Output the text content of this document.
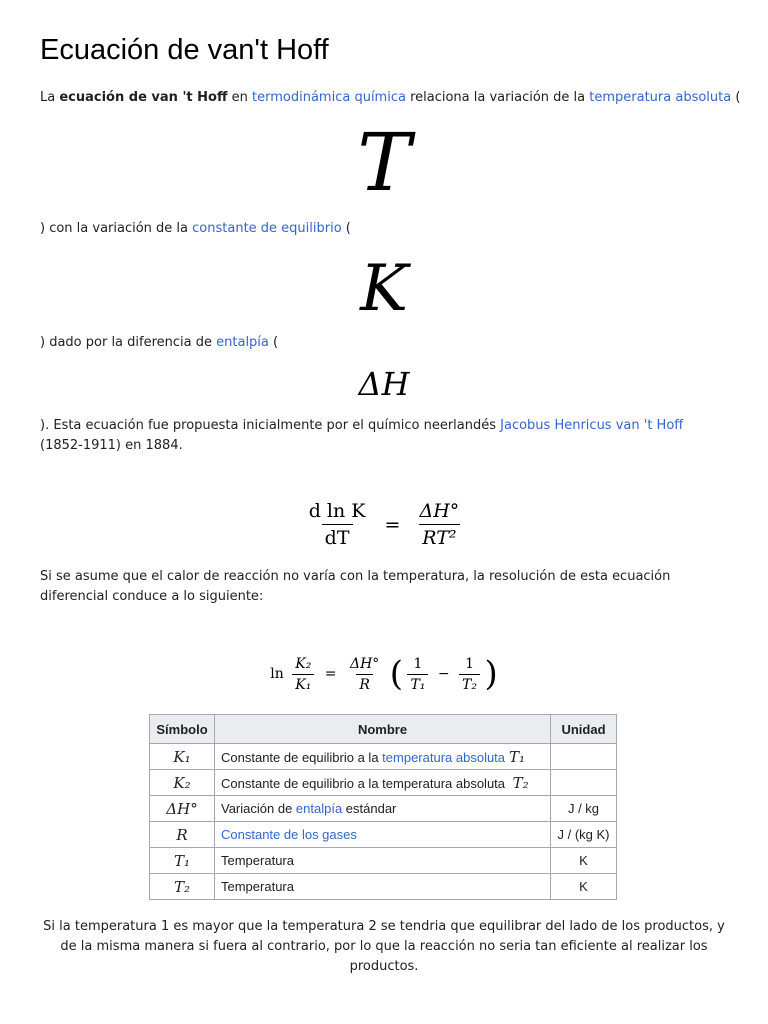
Ecuación de van't Hoff
La ecuación de van 't Hoff en termodinámica química relaciona la variación de la temperatura absoluta (
T
) con la variación de la constante de equilibrio (
K
) dado por la diferencia de entalpía (
ΔH
). Esta ecuación fue propuesta inicialmente por el químico neerlandés Jacobus Henricus van 't Hoff (1852-1911) en 1884.
$\frac{\text{d ln K}}{dT} = \frac{\Delta H^\circ}{\text{RT²}}$
Si se asume que el calor de reacción no varía con la temperatura, la resolución de esta ecuación diferencial conduce a lo siguiente:
$\ln \frac{\text{K₂}}{\text{K₁}} = \frac{\Delta H^\circ}{R}$ ( $\frac{1}{\text{T₁}} - \frac{1}{\text{T₂}}$ )
Símbolo	Nombre	Unidad
K₁	Constante de equilibrio a la temperatura absoluta T₁	
K₂	Constante de equilibrio a la temperatura absoluta T₂	
ΔH°	Variación de entalpía estándar	J / kg
R	Constante de los gases	J / (kg K)
T₁	Temperatura	K
T₂	Temperatura	K
Si la temperatura 1 es mayor que la temperatura 2 se tendria que equilibrar del lado de los productos, y de la misma manera si fuera al contrario, por lo que la reacción no seria tan eficiente al realizar los productos.
